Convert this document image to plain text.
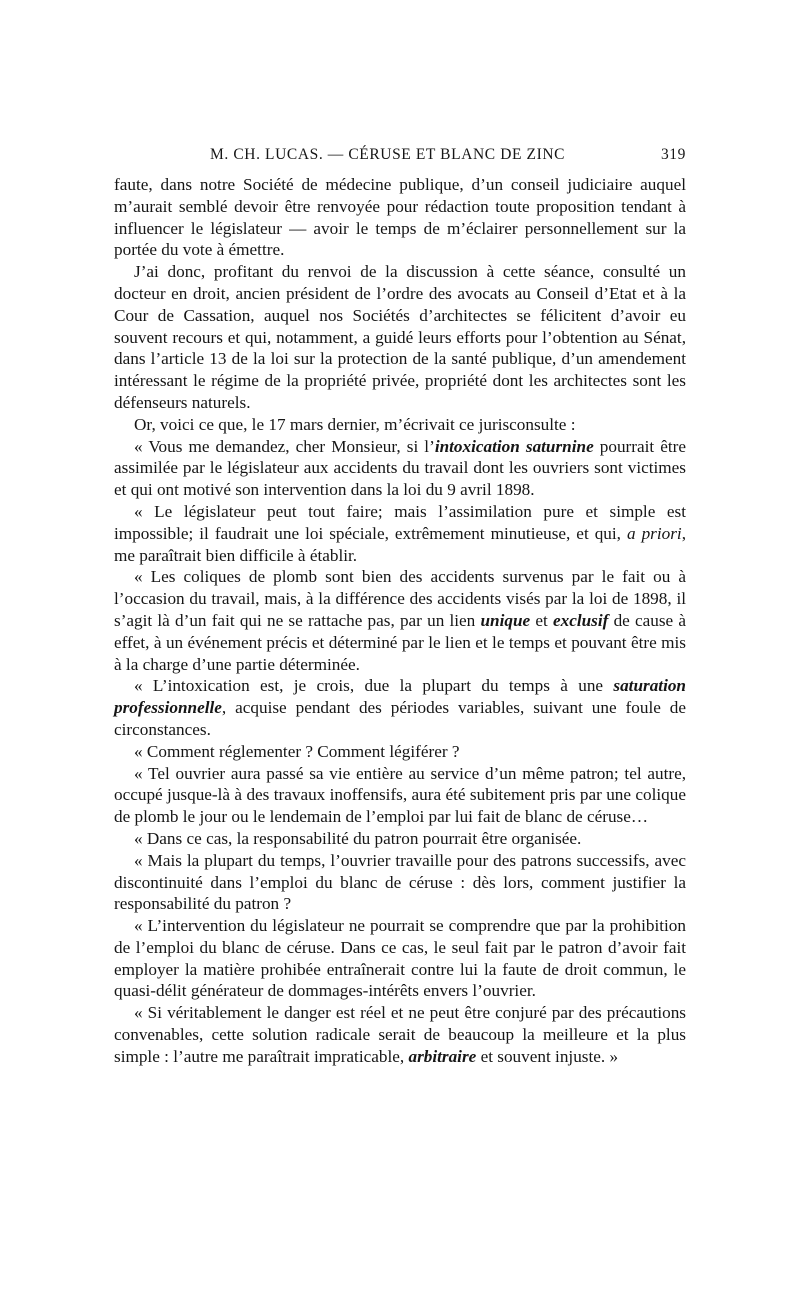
M. CH. LUCAS. — CÉRUSE ET BLANC DE ZINC	319

faute, dans notre Société de médecine publique, d’un conseil judiciaire auquel m’aurait semblé devoir être renvoyée pour rédaction toute proposition tendant à influencer le législateur — avoir le temps de m’éclairer personnellement sur la portée du vote à émettre.

J’ai donc, profitant du renvoi de la discussion à cette séance, consulté un docteur en droit, ancien président de l’ordre des avocats au Conseil d’Etat et à la Cour de Cassation, auquel nos Sociétés d’architectes se félicitent d’avoir eu souvent recours et qui, notamment, a guidé leurs efforts pour l’obtention au Sénat, dans l’article 13 de la loi sur la protection de la santé publique, d’un amendement intéressant le régime de la propriété privée, propriété dont les architectes sont les défenseurs naturels.

Or, voici ce que, le 17 mars dernier, m’écrivait ce jurisconsulte :

« Vous me demandez, cher Monsieur, si l’intoxication saturnine pourrait être assimilée par le législateur aux accidents du travail dont les ouvriers sont victimes et qui ont motivé son intervention dans la loi du 9 avril 1898.

« Le législateur peut tout faire; mais l’assimilation pure et simple est impossible; il faudrait une loi spéciale, extrêmement minutieuse, et qui, a priori, me paraîtrait bien difficile à établir.

« Les coliques de plomb sont bien des accidents survenus par le fait ou à l’occasion du travail, mais, à la différence des accidents visés par la loi de 1898, il s’agit là d’un fait qui ne se rattache pas, par un lien unique et exclusif de cause à effet, à un événement précis et déterminé par le lien et le temps et pouvant être mis à la charge d’une partie déterminée.

« L’intoxication est, je crois, due la plupart du temps à une saturation professionnelle, acquise pendant des périodes variables, suivant une foule de circonstances.

« Comment réglementer ? Comment légiférer ?

« Tel ouvrier aura passé sa vie entière au service d’un même patron; tel autre, occupé jusque-là à des travaux inoffensifs, aura été subitement pris par une colique de plomb le jour ou le lendemain de l’emploi par lui fait de blanc de céruse…

« Dans ce cas, la responsabilité du patron pourrait être organisée.

« Mais la plupart du temps, l’ouvrier travaille pour des patrons successifs, avec discontinuité dans l’emploi du blanc de céruse : dès lors, comment justifier la responsabilité du patron ?

« L’intervention du législateur ne pourrait se comprendre que par la prohibition de l’emploi du blanc de céruse. Dans ce cas, le seul fait par le patron d’avoir fait employer la matière prohibée entraînerait contre lui la faute de droit commun, le quasi-délit générateur de dommages-intérêts envers l’ouvrier.

« Si véritablement le danger est réel et ne peut être conjuré par des précautions convenables, cette solution radicale serait de beaucoup la meilleure et la plus simple : l’autre me paraîtrait impraticable, arbitraire et souvent injuste. »
